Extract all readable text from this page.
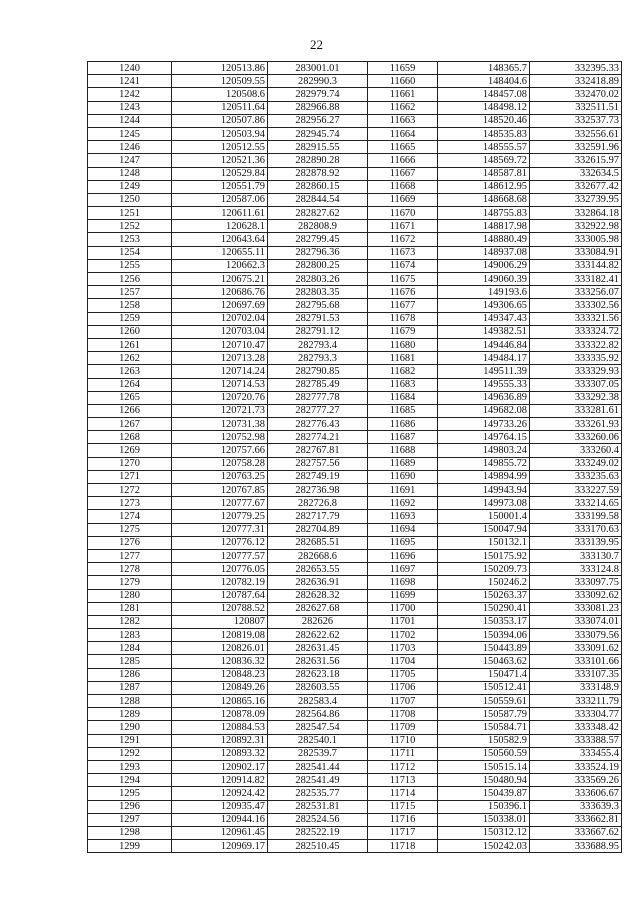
22
1240	120513.86	283001.01	11659	148365.7	332395.33
1241	120509.55	282990.3	11660	148404.6	332418.89
1242	120508.6	282979.74	11661	148457.08	332470.02
1243	120511.64	282966.88	11662	148498.12	332511.51
1244	120507.86	282956.27	11663	148520.46	332537.73
1245	120503.94	282945.74	11664	148535.83	332556.61
1246	120512.55	282915.55	11665	148555.57	332591.96
1247	120521.36	282890.28	11666	148569.72	332615.97
1248	120529.84	282878.92	11667	148587.81	332634.5
1249	120551.79	282860.15	11668	148612.95	332677.42
1250	120587.06	282844.54	11669	148668.68	332739.95
1251	120611.61	282827.62	11670	148755.83	332864.18
1252	120628.1	282808.9	11671	148817.98	332922.98
1253	120643.64	282799.45	11672	148880.49	333005.98
1254	120655.11	282796.36	11673	148937.08	333084.91
1255	120662.3	282800.25	11674	149006.29	333144.82
1256	120675.21	282803.26	11675	149060.39	333182.41
1257	120686.76	282803.35	11676	149193.6	333256.07
1258	120697.69	282795.68	11677	149306.65	333302.56
1259	120702.04	282791.53	11678	149347.43	333321.56
1260	120703.04	282791.12	11679	149382.51	333324.72
1261	120710.47	282793.4	11680	149446.84	333322.82
1262	120713.28	282793.3	11681	149484.17	333335.92
1263	120714.24	282790.85	11682	149511.39	333329.93
1264	120714.53	282785.49	11683	149555.33	333307.05
1265	120720.76	282777.78	11684	149636.89	333292.38
1266	120721.73	282777.27	11685	149682.08	333281.61
1267	120731.38	282776.43	11686	149733.26	333261.93
1268	120752.98	282774.21	11687	149764.15	333260.06
1269	120757.66	282767.81	11688	149803.24	333260.4
1270	120758.28	282757.56	11689	149855.72	333249.02
1271	120763.25	282749.19	11690	149894.99	333235.63
1272	120767.85	282736.98	11691	149943.94	333227.59
1273	120777.67	282726.8	11692	149973.08	333214.65
1274	120779.25	282717.79	11693	150001.4	333199.58
1275	120777.31	282704.89	11694	150047.94	333170.63
1276	120776.12	282685.51	11695	150132.1	333139.95
1277	120777.57	282668.6	11696	150175.92	333130.7
1278	120776.05	282653.55	11697	150209.73	333124.8
1279	120782.19	282636.91	11698	150246.2	333097.75
1280	120787.64	282628.32	11699	150263.37	333092.62
1281	120788.52	282627.68	11700	150290.41	333081.23
1282	120807	282626	11701	150353.17	333074.01
1283	120819.08	282622.62	11702	150394.06	333079.56
1284	120826.01	282631.45	11703	150443.89	333091.62
1285	120836.32	282631.56	11704	150463.62	333101.66
1286	120848.23	282623.18	11705	150471.4	333107.35
1287	120849.26	282603.55	11706	150512.41	333148.9
1288	120865.16	282583.4	11707	150559.61	333211.79
1289	120878.09	282564.86	11708	150587.79	333304.77
1290	120884.53	282547.54	11709	150584.71	333348.42
1291	120892.31	282540.1	11710	150582.9	333388.57
1292	120893.32	282539.7	11711	150560.59	333455.4
1293	120902.17	282541.44	11712	150515.14	333524.19
1294	120914.82	282541.49	11713	150480.94	333569.26
1295	120924.42	282535.77	11714	150439.87	333606.67
1296	120935.47	282531.81	11715	150396.1	333639.3
1297	120944.16	282524.56	11716	150338.01	333662.81
1298	120961.45	282522.19	11717	150312.12	333667.62
1299	120969.17	282510.45	11718	150242.03	333688.95
